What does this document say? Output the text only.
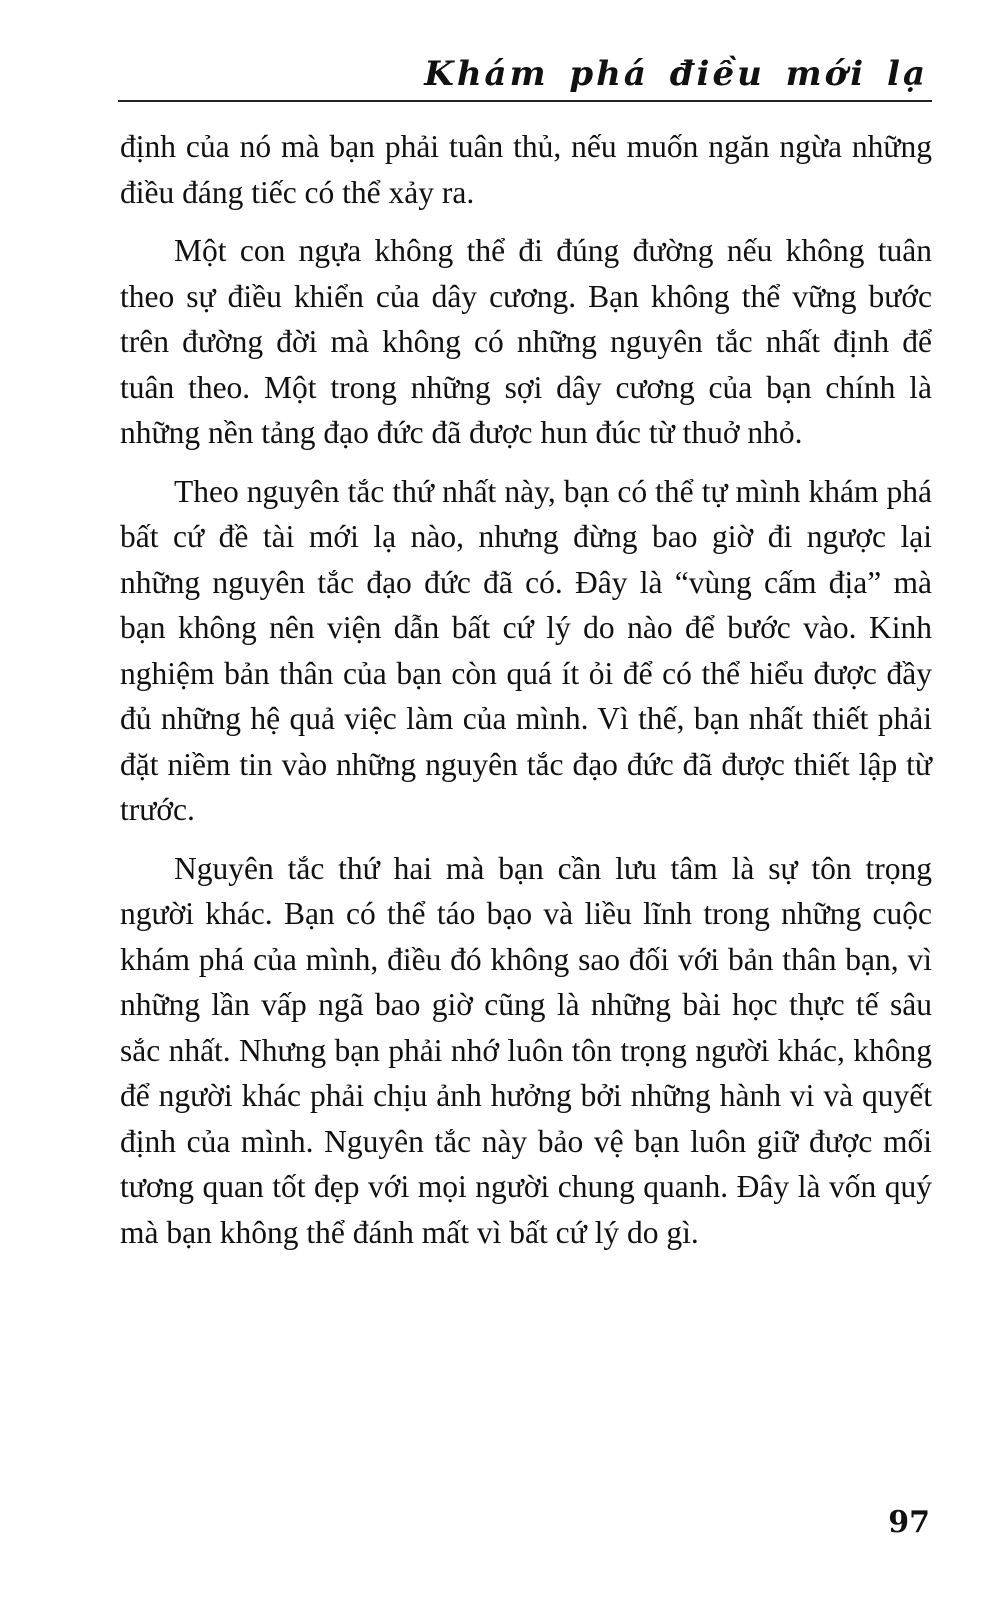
Khám phá điều mới lạ

định của nó mà bạn phải tuân thủ, nếu muốn ngăn ngừa những điều đáng tiếc có thể xảy ra.

Một con ngựa không thể đi đúng đường nếu không tuân theo sự điều khiển của dây cương. Bạn không thể vững bước trên đường đời mà không có những nguyên tắc nhất định để tuân theo. Một trong những sợi dây cương của bạn chính là những nền tảng đạo đức đã được hun đúc từ thuở nhỏ.

Theo nguyên tắc thứ nhất này, bạn có thể tự mình khám phá bất cứ đề tài mới lạ nào, nhưng đừng bao giờ đi ngược lại những nguyên tắc đạo đức đã có. Đây là “vùng cấm địa” mà bạn không nên viện dẫn bất cứ lý do nào để bước vào. Kinh nghiệm bản thân của bạn còn quá ít ỏi để có thể hiểu được đầy đủ những hệ quả việc làm của mình. Vì thế, bạn nhất thiết phải đặt niềm tin vào những nguyên tắc đạo đức đã được thiết lập từ trước.

Nguyên tắc thứ hai mà bạn cần lưu tâm là sự tôn trọng người khác. Bạn có thể táo bạo và liều lĩnh trong những cuộc khám phá của mình, điều đó không sao đối với bản thân bạn, vì những lần vấp ngã bao giờ cũng là những bài học thực tế sâu sắc nhất. Nhưng bạn phải nhớ luôn tôn trọng người khác, không để người khác phải chịu ảnh hưởng bởi những hành vi và quyết định của mình. Nguyên tắc này bảo vệ bạn luôn giữ được mối tương quan tốt đẹp với mọi người chung quanh. Đây là vốn quý mà bạn không thể đánh mất vì bất cứ lý do gì.

97
